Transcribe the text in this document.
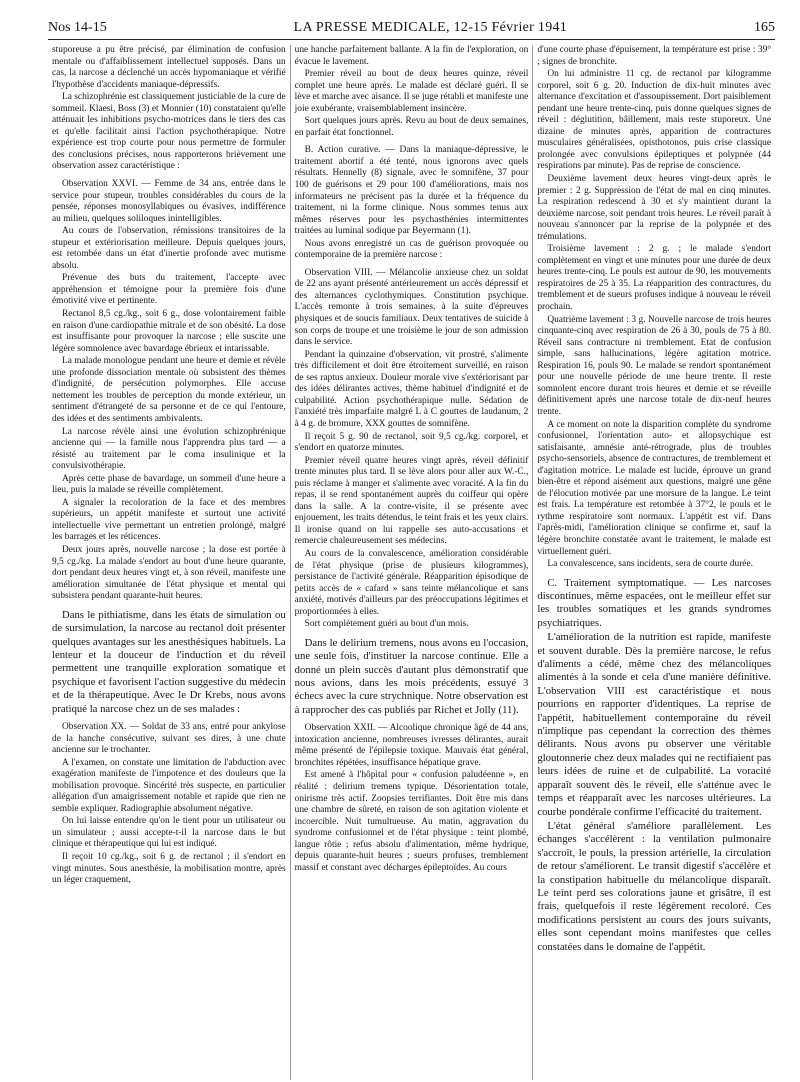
Nos 14-15	LA PRESSE MEDICALE, 12-15 Février 1941	165

stuporeuse a pu être précisé, par élimination de confusion mentale ou d'affaiblissement intellectuel supposés. Dans un cas, la narcose a déclenché un accès hypomaniaque et vérifié l'hypothèse d'accidents maniaque-dépressifs.

La schizophrénie est classiquement justiciable de la cure de sommeil. Klaesi, Boss (3) et Monnier (10) constataient qu'elle atténuait les inhibitions psycho-motrices dans le tiers des cas et qu'elle facilitait ainsi l'action psychothérapique. Notre expérience est trop courte pour nous permettre de formuler des conclusions précises, nous rapporterons brièvement une observation assez caractéristique :

Observation XXVI. — Femme de 34 ans, entrée dans le service pour stupeur, troubles considérables du cours de la pensée, réponses monosyllabiques ou évasives, indifférence au milieu, quelques soliloques inintelligibles.

Au cours de l'observation, rémissions transitoires de la stupeur et extériorisation meilleure. Depuis quelques jours, est retombée dans un état d'inertie profonde avec mutisme absolu.

Prévenue des buts du traitement, l'accepte avec appréhension et témoigne pour la première fois d'une émotivité vive et pertinente.

Rectanol 8,5 cg./kg., soit 6 g., dose volontairement faible en raison d'une cardiopathie mitrale et de son obésité. La dose est insuffisante pour provoquer la narcose ; elle suscite une légère somnolence avec bavardage ébrieux et intarissable.

La malade monologue pendant une heure et demie et révèle une profonde dissociation mentale où subsistent des thèmes d'indignité, de persécution polymorphes. Elle accuse nettement les troubles de perception du monde extérieur, un sentiment d'étrangeté de sa personne et de ce qui l'entoure, des idées et des sentiments ambivalents.

La narcose révèle ainsi une évolution schizophrénique ancienne qui — la famille nous l'apprendra plus tard — a résisté au traitement par le coma insulinique et la convulsivothérapie.

Après cette phase de bavardage, un sommeil d'une heure a lieu, puis la malade se réveille complètement.

A signaler la recoloration de la face et des membres supérieurs, un appétit manifeste et surtout une activité intellectuelle vive permettant un entretien prolongé, malgré les barrages et les réticences.

Deux jours après, nouvelle narcose ; la dose est portée à 9,5 cg./kg. La malade s'endort au bout d'une heure quarante, dort pendant deux heures vingt et, à son réveil, manifeste une amélioration simultanée de l'état physique et mental qui subsistera pendant quarante-huit heures.

Dans le pithiatisme, dans les états de simulation ou de sursimulation, la narcose au rectanol doit présenter quelques avantages sur les anesthésiques habituels. La lenteur et la douceur de l'induction et du réveil permettent une tranquille exploration somatique et psychique et favorisent l'action suggestive du médecin et de la thérapeutique. Avec le Dr Krebs, nous avons pratiqué la narcose chez un de ses malades :

Observation XX. — Soldat de 33 ans, entré pour ankylose de la hanche consécutive, suivant ses dires, à une chute ancienne sur le trochanter.

A l'examen, on constate une limitation de l'abduction avec exagération manifeste de l'impotence et des douleurs que la mobilisation provoque. Sincérité très suspecte, en particulier allégation d'un amaigrissement notable et rapide que rien ne semble expliquer. Radiographie absolument négative.

On lui laisse entendre qu'on le tient pour un utilisateur ou un simulateur ; aussi accepte-t-il la narcose dans le but clinique et thérapeutique qui lui est indiqué.

Il reçoit 10 cg./kg., soit 6 g. de rectanol ; il s'endort en vingt minutes. Sous anesthésie, la mobilisation montre, après un léger craquement,

une hanche parfaitement ballante. A la fin de l'exploration, on évacue le lavement.

Premier réveil au bout de deux heures quinze, réveil complet une heure après. Le malade est déclaré guéri. Il se lève et marche avec aisance. Il se juge rétabli et manifeste une joie exubérante, vraisemblablement insincère.

Sort quelques jours après. Revu au bout de deux semaines, en parfait état fonctionnel.

B. Action curative. — Dans la maniaque-dépressive, le traitement abortif a été tenté, nous ignorons avec quels résultats. Hennelly (8) signale, avec le somnifène, 37 pour 100 de guérisons et 29 pour 100 d'améliorations, mais nos informateurs ne précisent pas la durée et la fréquence du traitement, ni la forme clinique. Nous sommes tenus aux mêmes réserves pour les psychasthénies intermittentes traitées au luminal sodique par Beyermann (1).

Nous avons enregistré un cas de guérison provoquée ou contemporaine de la première narcose :

Observation VIII. — Mélancolie anxieuse chez un soldat de 22 ans ayant présenté antérieurement un accès dépressif et des alternances cyclothymiques. Constitution psychique. L'accès remonte à trois semaines, à la suite d'épreuves physiques et de soucis familiaux. Deux tentatives de suicide à son corps de troupe et une troisième le jour de son admission dans le service.

Pendant la quinzaine d'observation, vit prostré, s'alimente très difficilement et doit être étroitement surveillé, en raison de ses raptus anxieux. Douleur morale vive s'extériorisant par des idées délirantes actives, thème habituel d'indignité et de culpabilité. Action psychothérapique nulle. Sédation de l'anxiété très imparfaite malgré L à C gouttes de laudanum, 2 à 4 g. de bromure, XXX gouttes de somnifène.

Il reçoit 5 g. 90 de rectanol, soit 9,5 cg./kg. corporel, et s'endort en quatorze minutes.

Premier réveil quatre heures vingt après, réveil définitif trente minutes plus tard. Il se lève alors pour aller aux W.-C., puis réclame à manger et s'alimente avec voracité. A la fin du repas, il se rend spontanément auprès du coiffeur qui opère dans la salle. A la contre-visite, il se présente avec enjouement, les traits détendus, le teint frais et les yeux clairs. Il ironise quand on lui rappelle ses auto-accusations et remercie chaleureusement ses médecins.

Au cours de la convalescence, amélioration considérable de l'état physique (prise de plusieurs kilogrammes), persistance de l'activité générale. Réapparition épisodique de petits accès de « cafard » sans teinte mélancolique et sans anxiété, motivés d'ailleurs par des préoccupations légitimes et proportionnées à elles.

Sort complètement guéri au bout d'un mois.

Dans le delirium tremens, nous avons eu l'occasion, une seule fois, d'instituer la narcose continue. Elle a donné un plein succès d'autant plus démonstratif que nous avions, dans les mois précédents, essuyé 3 échecs avec la cure strychnique. Notre observation est à rapprocher des cas publiés par Richet et Jolly (11).

Observation XXII. — Alcoolique chronique âgé de 44 ans, intoxication ancienne, nombreuses ivresses délirantes, aurait même présenté de l'épilepsie toxique. Mauvais état général, bronchites répétées, insuffisance hépatique grave.

Est amené à l'hôpital pour « confusion paludéenne », en réalité : delirium tremens typique. Désorientation totale, onirisme très actif. Zoopsies terrifiantes. Doit être mis dans une chambre de sûreté, en raison de son agitation violente et incoercible. Nuit tumultueuse. Au matin, aggravation du syndrome confusionnel et de l'état physique : teint plombé, langue rôtie ; refus absolu d'alimentation, même hydrique, depuis quarante-huit heures ; sueurs profuses, tremblement massif et constant avec décharges épileptoïdes. Au cours

d'une courte phase d'épuisement, la température est prise : 39° ; signes de bronchite.

On lui administre 11 cg. de rectanol par kilogramme corporel, soit 6 g. 20. Induction de dix-huit minutes avec alternance d'excitation et d'assoupissement. Dort paisiblement pendant une heure trente-cinq, puis donne quelques signes de réveil : déglutition, bâillement, mais reste stuporeux. Une dizaine de minutes après, apparition de contractures musculaires généralisées, opisthotonos, puis crise classique prolongée avec convulsions épileptiques et polypnée (44 respirations par minute). Pas de reprise de conscience.

Deuxième lavement deux heures vingt-deux après le premier : 2 g. Suppression de l'état de mal en cinq minutes. La respiration redescend à 30 et s'y maintient durant la deuxième narcose, soit pendant trois heures. Le réveil paraît à nouveau s'annoncer par la reprise de la polypnée et des trémulations.

Troisième lavement : 2 g. ; le malade s'endort complètement en vingt et une minutes pour une durée de deux heures trente-cinq. Le pouls est autour de 90, les mouvements respiratoires de 25 à 35. La réapparition des contractures, du tremblement et de sueurs profuses indique à nouveau le réveil prochain.

Quatrième lavement : 3 g. Nouvelle narcose de trois heures cinquante-cinq avec respiration de 26 à 30, pouls de 75 à 80. Réveil sans contracture ni tremblement. Etat de confusion simple, sans hallucinations, légère agitation motrice. Respiration 16, pouls 90. Le malade se rendort spontanément pour une nouvelle période de une heure trente. Il reste somnolent encore durant trois heures et demie et se réveille définitivement après une narcose totale de dix-neuf heures trente.

A ce moment on note la disparition complète du syndrome confusionnel, l'orientation auto- et allopsychique est satisfaisante, amnésie anté-rétrograde, plus de troubles psycho-sensoriels, absence de contractures, de tremblement et d'agitation motrice. Le malade est lucide, éprouve un grand bien-être et répond aisément aux questions, malgré une gêne de l'élocution motivée par une morsure de la langue. Le teint est frais. La température est retombée à 37°2, le pouls et le rythme respiratoire sont normaux. L'appétit est vif. Dans l'après-midi, l'amélioration clinique se confirme et, sauf la légère bronchite constatée avant le traitement, le malade est virtuellement guéri.

La convalescence, sans incidents, sera de courte durée.

C. Traitement symptomatique. — Les narcoses discontinues, même espacées, ont le meilleur effet sur les troubles somatiques et les grands syndromes psychiatriques.

L'amélioration de la nutrition est rapide, manifeste et souvent durable. Dès la première narcose, le refus d'aliments a cédé, même chez des mélancoliques alimentés à la sonde et cela d'une manière définitive. L'observation VIII est caractéristique et nous pourrions en rapporter d'identiques. La reprise de l'appétit, habituellement contemporaine du réveil n'implique pas cependant la correction des thèmes délirants. Nous avons pu observer une véritable gloutonnerie chez deux malades qui ne rectifiaient pas leurs idées de ruine et de culpabilité. La voracité apparaît souvent dès le réveil, elle s'atténue avec le temps et réapparaît avec les narcoses ultérieures. La courbe pondérale confirme l'efficacité du traitement.

L'état général s'améliore parallèlement. Les échanges s'accélèrent : la ventilation pulmonaire s'accroît, le pouls, la pression artérielle, la circulation de retour s'améliorent. Le transit digestif s'accélère et la constipation habituelle du mélancolique disparaît. Le teint perd ses colorations jaune et grisâtre, il est frais, quelquefois il reste légèrement recoloré. Ces modifications persistent au cours des jours suivants, elles sont cependant moins manifestes que celles constatées dans le domaine de l'appétit.
